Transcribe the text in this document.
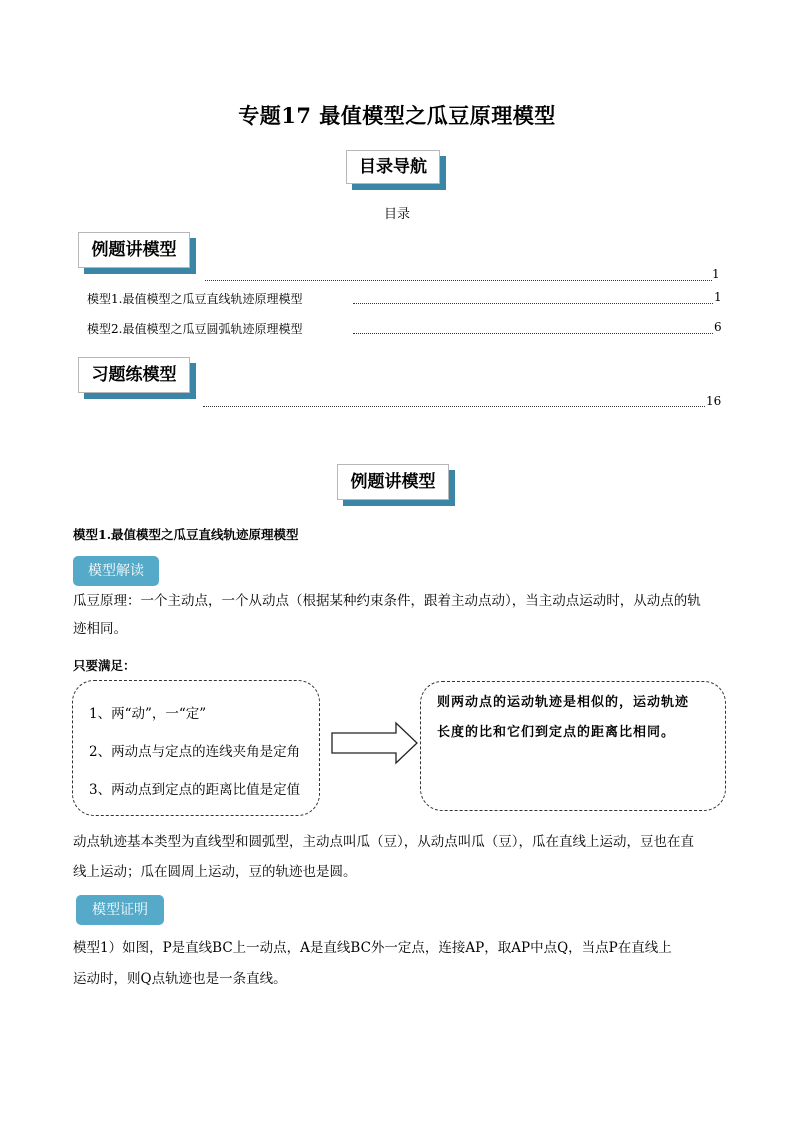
专题17 最值模型之瓜豆原理模型
目录导航
目录
例题讲模型
1
模型1.最值模型之瓜豆直线轨迹原理模型	1
模型2.最值模型之瓜豆圆弧轨迹原理模型	6
习题练模型
16
例题讲模型
模型1.最值模型之瓜豆直线轨迹原理模型
模型解读
瓜豆原理：一个主动点，一个从动点（根据某种约束条件，跟着主动点动），当主动点运动时，从动点的轨
迹相同。
只要满足：
1、两“动”，一“定”
2、两动点与定点的连线夹角是定角
3、两动点到定点的距离比值是定值
则两动点的运动轨迹是相似的，运动轨迹
长度的比和它们到定点的距离比相同。
动点轨迹基本类型为直线型和圆弧型，主动点叫瓜（豆），从动点叫瓜（豆），瓜在直线上运动，豆也在直
线上运动；瓜在圆周上运动，豆的轨迹也是圆。
模型证明
模型1）如图，P是直线BC上一动点，A是直线BC外一定点，连接AP，取AP中点Q，当点P在直线上
运动时，则Q点轨迹也是一条直线。
